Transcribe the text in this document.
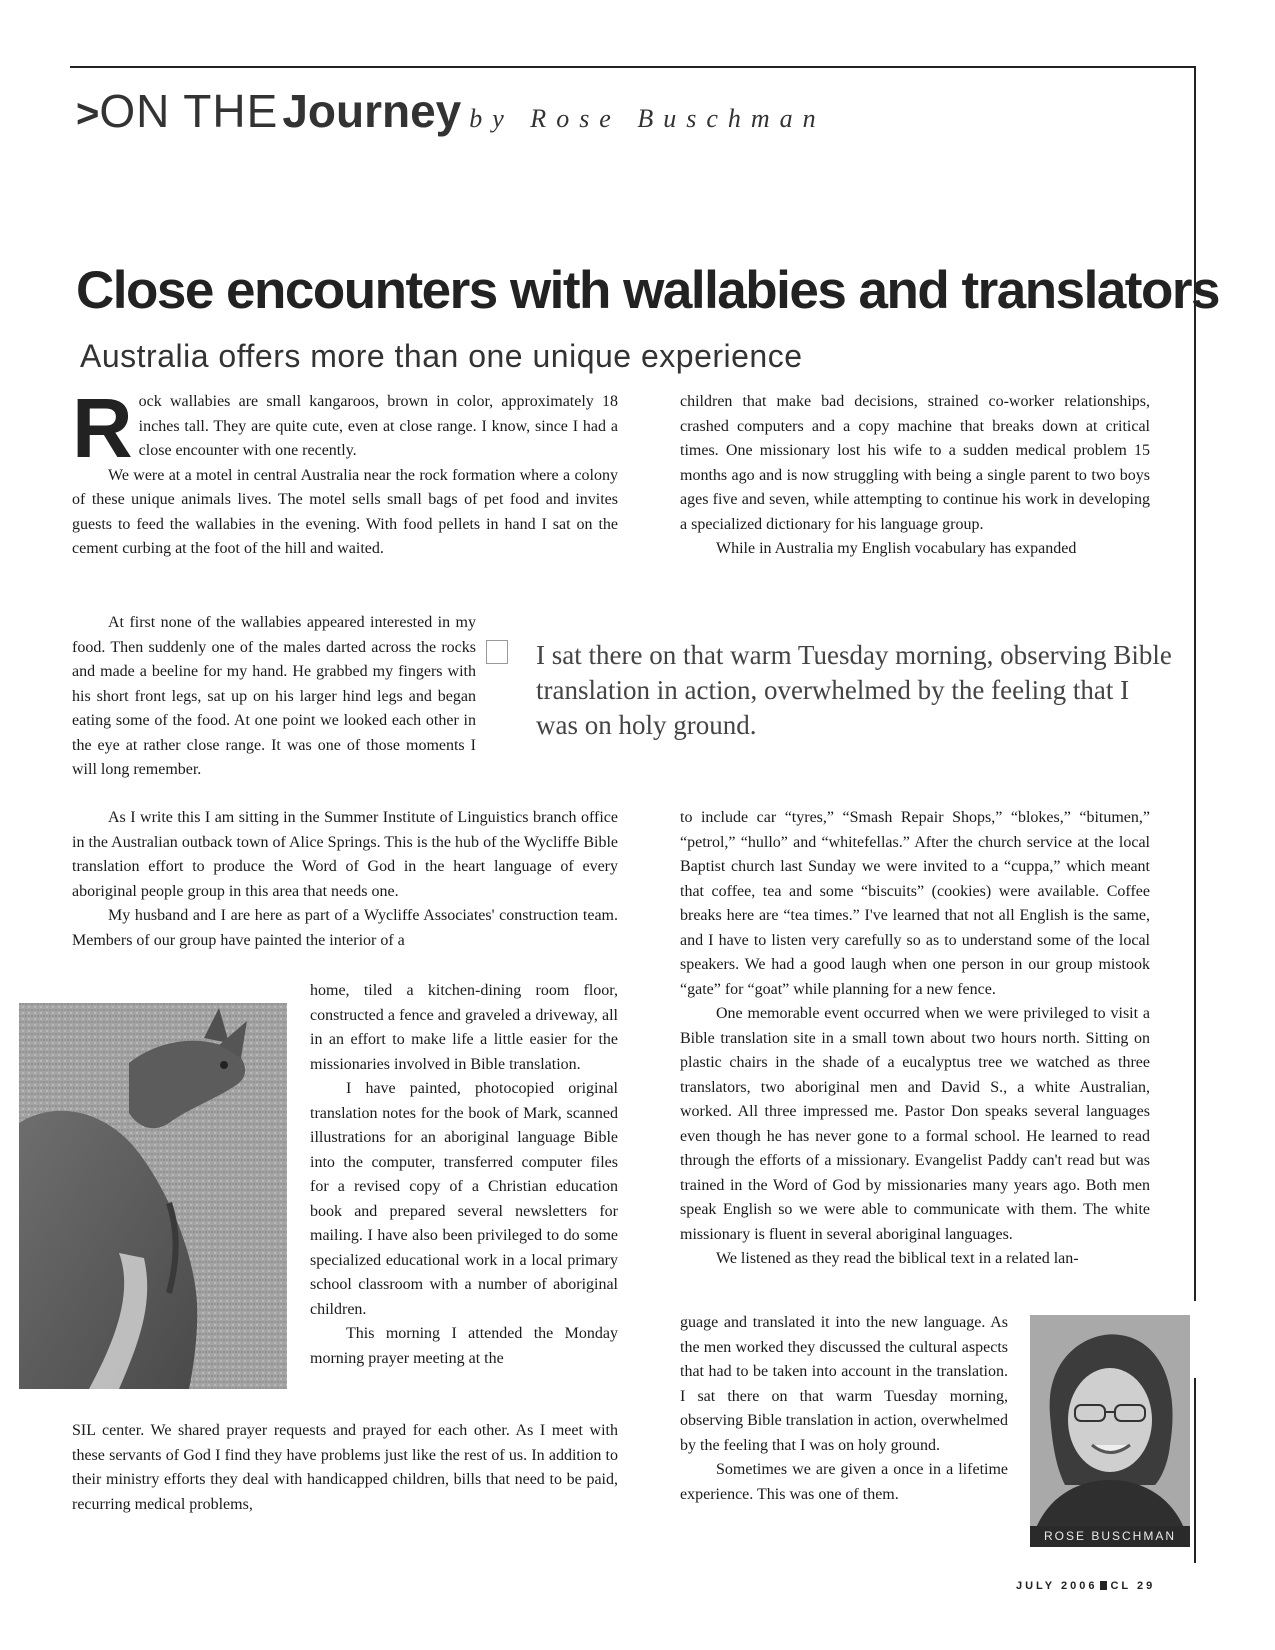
>ON THE Journey by Rose Buschman
Close encounters with wallabies and translators
Australia offers more than one unique experience

Rock wallabies are small kangaroos, brown in color, approximately 18 inches tall. They are quite cute, even at close range. I know, since I had a close encounter with one recently.

We were at a motel in central Australia near the rock formation where a colony of these unique animals lives. The motel sells small bags of pet food and invites guests to feed the wallabies in the evening. With food pellets in hand I sat on the cement curbing at the foot of the hill and waited.

At first none of the wallabies appeared interested in my food. Then suddenly one of the males darted across the rocks and made a beeline for my hand. He grabbed my fingers with his short front legs, sat up on his larger hind legs and began eating some of the food. At one point we looked each other in the eye at rather close range. It was one of those moments I will long remember.

As I write this I am sitting in the Summer Institute of Linguistics branch office in the Australian outback town of Alice Springs. This is the hub of the Wycliffe Bible translation effort to produce the Word of God in the heart language of every aboriginal people group in this area that needs one.

My husband and I are here as part of a Wycliffe Associates' construction team. Members of our group have painted the interior of a

home, tiled a kitchen-dining room floor, constructed a fence and graveled a driveway, all in an effort to make life a little easier for the missionaries involved in Bible translation.

I have painted, photocopied original translation notes for the book of Mark, scanned illustrations for an aboriginal language Bible into the computer, transferred computer files for a revised copy of a Christian education book and prepared several newsletters for mailing. I have also been privileged to do some specialized educational work in a local primary school classroom with a number of aboriginal children.

This morning I attended the Monday morning prayer meeting at the

SIL center. We shared prayer requests and prayed for each other. As I meet with these servants of God I find they have problems just like the rest of us. In addition to their ministry efforts they deal with handicapped children, bills that need to be paid, recurring medical problems,

children that make bad decisions, strained co-worker relationships, crashed computers and a copy machine that breaks down at critical times. One missionary lost his wife to a sudden medical problem 15 months ago and is now struggling with being a single parent to two boys ages five and seven, while attempting to continue his work in developing a specialized dictionary for his language group.

While in Australia my English vocabulary has expanded

to include car “tyres,” “Smash Repair Shops,” “blokes,” “bitumen,” “petrol,” “hullo” and “whitefellas.” After the church service at the local Baptist church last Sunday we were invited to a “cuppa,” which meant that coffee, tea and some “biscuits” (cookies) were available. Coffee breaks here are “tea times.” I've learned that not all English is the same, and I have to listen very carefully so as to understand some of the local speakers. We had a good laugh when one person in our group mistook “gate” for “goat” while planning for a new fence.

One memorable event occurred when we were privileged to visit a Bible translation site in a small town about two hours north. Sitting on plastic chairs in the shade of a eucalyptus tree we watched as three translators, two aboriginal men and David S., a white Australian, worked. All three impressed me. Pastor Don speaks several languages even though he has never gone to a formal school. He learned to read through the efforts of a missionary. Evangelist Paddy can't read but was trained in the Word of God by missionaries many years ago. Both men speak English so we were able to communicate with them. The white missionary is fluent in several aboriginal languages.

We listened as they read the biblical text in a related lan-

guage and translated it into the new language. As the men worked they discussed the cultural aspects that had to be taken into account in the translation. I sat there on that warm Tuesday morning, observing Bible translation in action, overwhelmed by the feeling that I was on holy ground.

Sometimes we are given a once in a lifetime experience. This was one of them.

I sat there on that warm Tuesday morning, observing Bible translation in action, overwhelmed by the feeling that I was on holy ground.
ROSE BUSCHMAN
JULY 2006 CL 29
